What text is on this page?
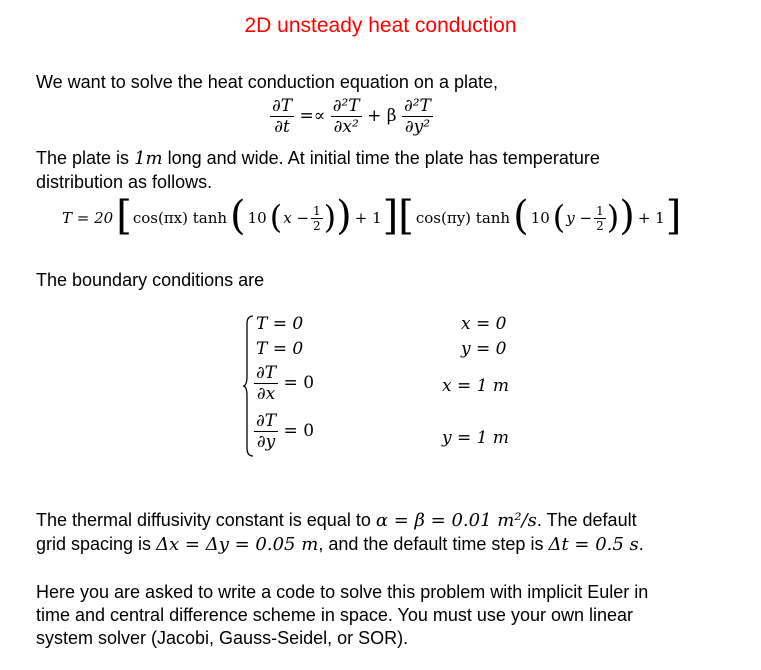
2D unsteady heat conduction
We want to solve the heat conduction equation on a plate,
$\frac{\partial T}{\partial t} =\propto \frac{\text{∂²T}}{\text{∂x²}} + \beta \frac{\text{∂²T}}{\text{∂y²}}$
The plate is 1m long and wide. At initial time the plate has temperature
distribution as follows.
T = 20 [ cos(πx) tanh ( 10 ( $x - \frac{1}{2}$ ) ) + 1 ] [ cos(πy) tanh ( 10 ( $y - \frac{1}{2}$ ) ) + 1 ]
The boundary conditions are
T = 0
T = 0
$\frac{\partial T}{\partial x} = 0$
$\frac{\partial T}{\partial y} = 0$
x = 0
y = 0
x = 1 m
y = 1 m
The thermal diffusivity constant is equal to α = β = 0.01 m²/s. The default
grid spacing is Δx = Δy = 0.05 m, and the default time step is Δt = 0.5 s.
Here you are asked to write a code to solve this problem with implicit Euler in
time and central difference scheme in space. You must use your own linear
system solver (Jacobi, Gauss-Seidel, or SOR).
